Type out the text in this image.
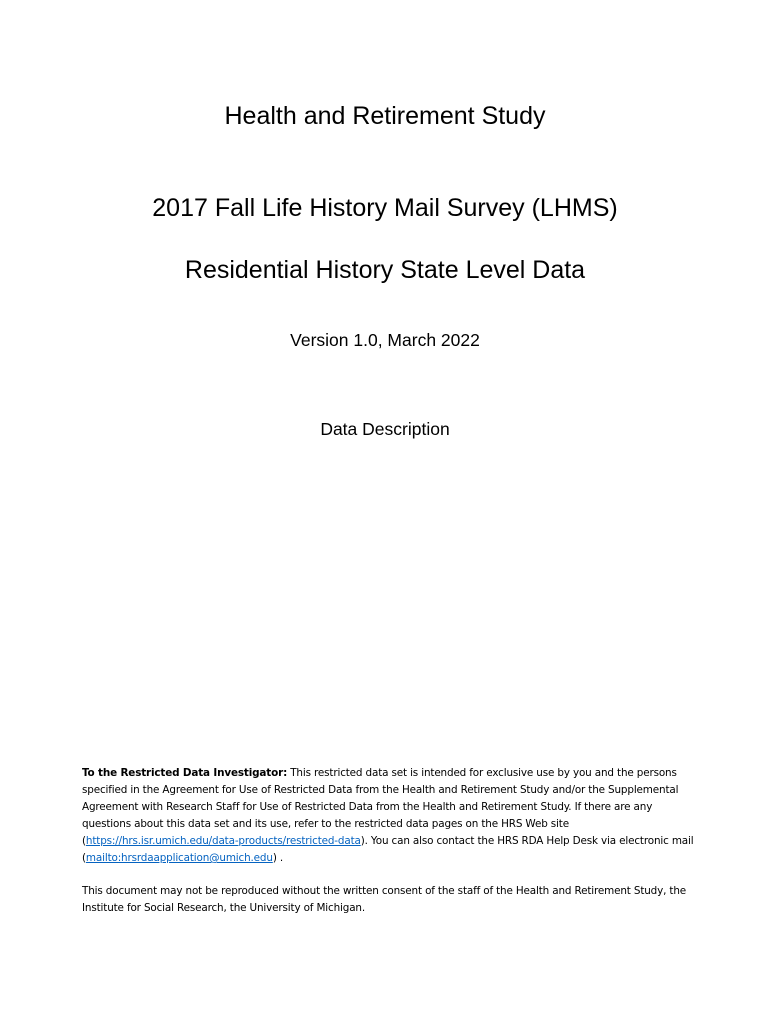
Health and Retirement Study
2017 Fall Life History Mail Survey (LHMS)
Residential History State Level Data
Version 1.0, March 2022
Data Description

To the Restricted Data Investigator: This restricted data set is intended for exclusive use by you and the persons specified in the Agreement for Use of Restricted Data from the Health and Retirement Study and/or the Supplemental Agreement with Research Staff for Use of Restricted Data from the Health and Retirement Study. If there are any questions about this data set and its use, refer to the restricted data pages on the HRS Web site (https://hrs.isr.umich.edu/data-products/restricted-data). You can also contact the HRS RDA Help Desk via electronic mail (mailto:hrsrdaapplication@umich.edu) .

This document may not be reproduced without the written consent of the staff of the Health and Retirement Study, the Institute for Social Research, the University of Michigan.
